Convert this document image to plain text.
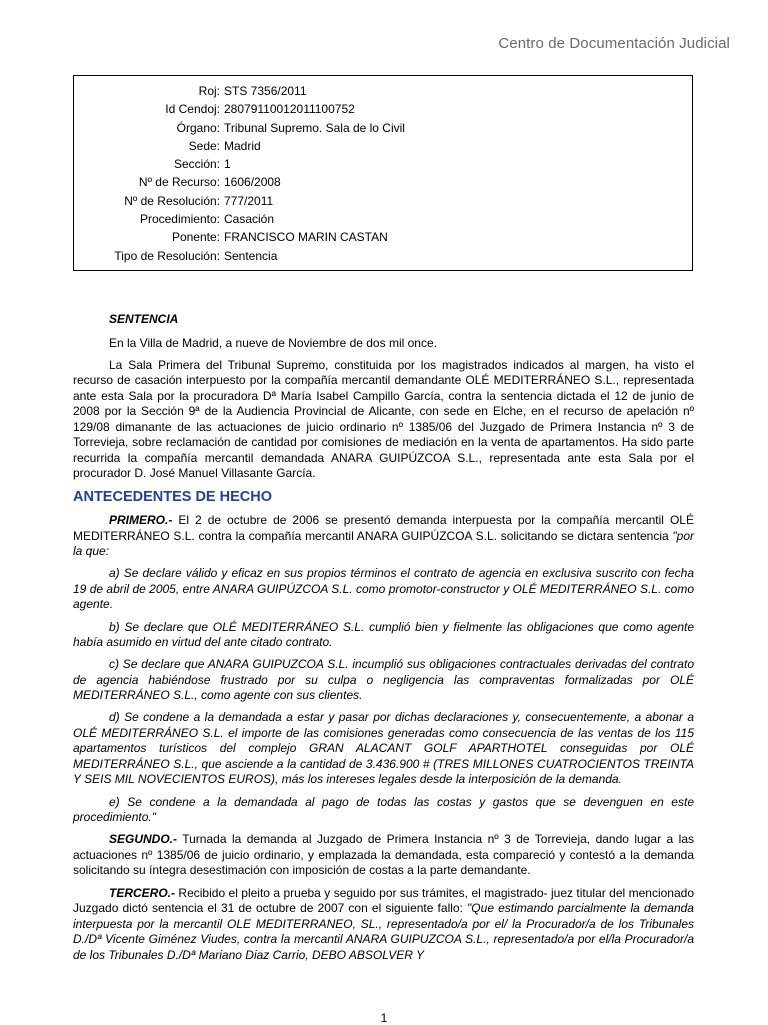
Centro de Documentación Judicial
Roj:	STS 7356/2011
Id Cendoj:	28079110012011100752
Órgano:	Tribunal Supremo. Sala de lo Civil
Sede:	Madrid
Sección:	1
Nº de Recurso:	1606/2008
Nº de Resolución:	777/2011
Procedimiento:	Casación
Ponente:	FRANCISCO MARIN CASTAN
Tipo de Resolución:	Sentencia

SENTENCIA

En la Villa de Madrid, a nueve de Noviembre de dos mil once.

La Sala Primera del Tribunal Supremo, constituida por los magistrados indicados al margen, ha visto el recurso de casación interpuesto por la compañía mercantil demandante OLÉ MEDITERRÁNEO S.L., representada ante esta Sala por la procuradora Dª María Isabel Campillo García, contra la sentencia dictada el 12 de junio de 2008 por la Sección 9ª de la Audiencia Provincial de Alicante, con sede en Elche, en el recurso de apelación nº 129/08 dimanante de las actuaciones de juicio ordinario nº 1385/06 del Juzgado de Primera Instancia nº 3 de Torrevieja, sobre reclamación de cantidad por comisiones de mediación en la venta de apartamentos. Ha sido parte recurrida la compañía mercantil demandada ANARA GUIPÚZCOA S.L., representada ante esta Sala por el procurador D. José Manuel Villasante García.

ANTECEDENTES DE HECHO

PRIMERO.- El 2 de octubre de 2006 se presentó demanda interpuesta por la compañía mercantil OLÉ MEDITERRÁNEO S.L. contra la compañía mercantil ANARA GUIPÚZCOA S.L. solicitando se dictara sentencia "por la que:

a) Se declare válido y eficaz en sus propios términos el contrato de agencia en exclusiva suscrito con fecha 19 de abril de 2005, entre ANARA GUIPÚZCOA S.L. como promotor-constructor y OLÉ MEDITERRÁNEO S.L. como agente.

b) Se declare que OLÉ MEDITERRÁNEO S.L. cumplió bien y fielmente las obligaciones que como agente había asumido en virtud del ante citado contrato.

c) Se declare que ANARA GUIPUZCOA S.L. incumplió sus obligaciones contractuales derivadas del contrato de agencia habiéndose frustrado por su culpa o negligencia las compraventas formalizadas por OLÉ MEDITERRÁNEO S.L., como agente con sus clientes.

d) Se condene a la demandada a estar y pasar por dichas declaraciones y, consecuentemente, a abonar a OLÉ MEDITERRÁNEO S.L. el importe de las comisiones generadas como consecuencia de las ventas de los 115 apartamentos turísticos del complejo GRAN ALACANT GOLF APARTHOTEL conseguidas por OLÉ MEDITERRÁNEO S.L., que asciende a la cantidad de 3.436.900 # (TRES MILLONES CUATROCIENTOS TREINTA Y SEIS MIL NOVECIENTOS EUROS), más los intereses legales desde la interposición de la demanda.

e) Se condene a la demandada al pago de todas las costas y gastos que se devenguen en este procedimiento."

SEGUNDO.- Turnada la demanda al Juzgado de Primera Instancia nº 3 de Torrevieja, dando lugar a las actuaciones nº 1385/06 de juicio ordinario, y emplazada la demandada, esta compareció y contestó a la demanda solicitando su íntegra desestimación con imposición de costas a la parte demandante.

TERCERO.- Recibido el pleito a prueba y seguido por sus trámites, el magistrado- juez titular del mencionado Juzgado dictó sentencia el 31 de octubre de 2007 con el siguiente fallo: "Que estimando parcialmente la demanda interpuesta por la mercantil OLE MEDITERRANEO, SL., representado/a por el/ la Procurador/a de los Tribunales D./Dª Vicente Giménez Viudes, contra la mercantil ANARA GUIPUZCOA S.L., representado/a por el/la Procurador/a de los Tribunales D./Dª Mariano Diaz Carrio, DEBO ABSOLVER Y

1
